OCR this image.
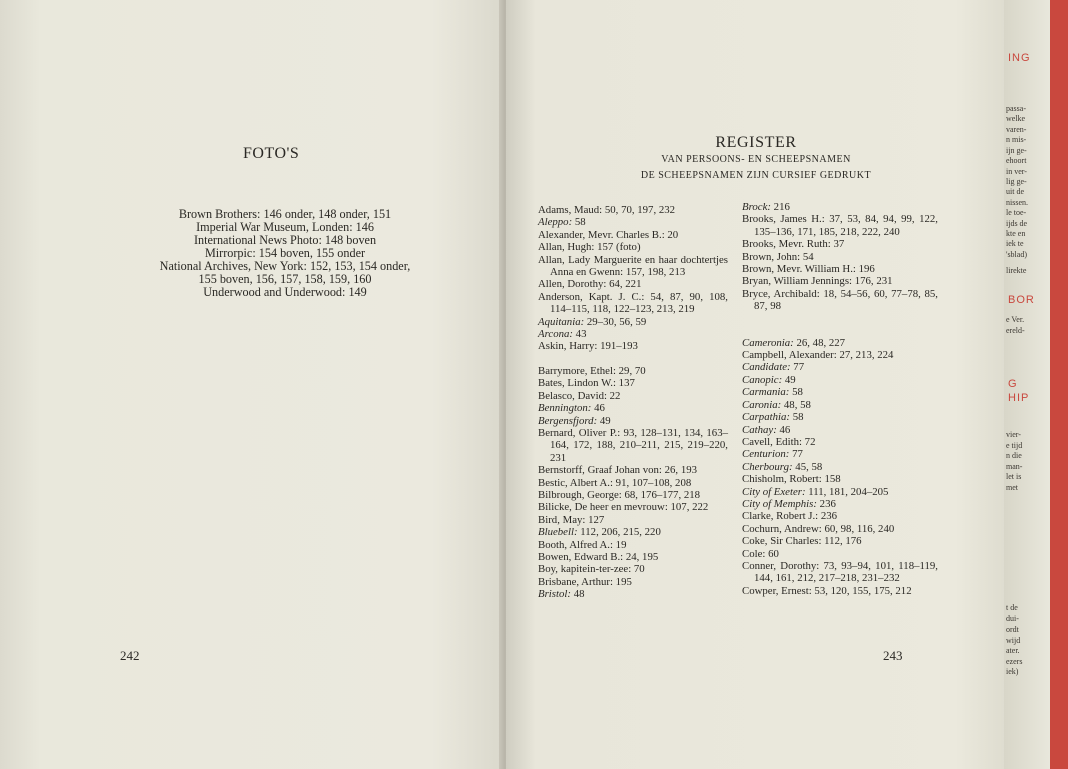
FOTO'S
Brown Brothers: 146 onder, 148 onder, 151
Imperial War Museum, Londen: 146
International News Photo: 148 boven
Mirrorpic: 154 boven, 155 onder
National Archives, New York: 152, 153, 154 onder,
155 boven, 156, 157, 158, 159, 160
Underwood and Underwood: 149
242
REGISTER
VAN PERSOONS- EN SCHEEPSNAMEN
DE SCHEEPSNAMEN ZIJN CURSIEF GEDRUKT
Adams, Maud: 50, 70, 197, 232
Aleppo: 58
Alexander, Mevr. Charles B.: 20
Allan, Hugh: 157 (foto)
Allan, Lady Marguerite en haar dochtertjes Anna en Gwenn: 157, 198, 213
Allen, Dorothy: 64, 221
Anderson, Kapt. J. C.: 54, 87, 90, 108, 114–115, 118, 122–123, 213, 219
Aquitania: 29–30, 56, 59
Arcona: 43
Askin, Harry: 191–193
Barrymore, Ethel: 29, 70
Bates, Lindon W.: 137
Belasco, David: 22
Bennington: 46
Bergensfjord: 49
Bernard, Oliver P.: 93, 128–131, 134, 163–164, 172, 188, 210–211, 215, 219–220, 231
Bernstorff, Graaf Johan von: 26, 193
Bestic, Albert A.: 91, 107–108, 208
Bilbrough, George: 68, 176–177, 218
Bilicke, De heer en mevrouw: 107, 222
Bird, May: 127
Bluebell: 112, 206, 215, 220
Booth, Alfred A.: 19
Bowen, Edward B.: 24, 195
Boy, kapitein-ter-zee: 70
Brisbane, Arthur: 195
Bristol: 48
Brock: 216
Brooks, James H.: 37, 53, 84, 94, 99, 122, 135–136, 171, 185, 218, 222, 240
Brooks, Mevr. Ruth: 37
Brown, John: 54
Brown, Mevr. William H.: 196
Bryan, William Jennings: 176, 231
Bryce, Archibald: 18, 54–56, 60, 77–78, 85, 87, 98
Cameronia: 26, 48, 227
Campbell, Alexander: 27, 213, 224
Candidate: 77
Canopic: 49
Carmania: 58
Caronia: 48, 58
Carpathia: 58
Cathay: 46
Cavell, Edith: 72
Centurion: 77
Cherbourg: 45, 58
Chisholm, Robert: 158
City of Exeter: 111, 181, 204–205
City of Memphis: 236
Clarke, Robert J.: 236
Cochurn, Andrew: 60, 98, 116, 240
Coke, Sir Charles: 112, 176
Cole: 60
Conner, Dorothy: 73, 93–94, 101, 118–119, 144, 161, 212, 217–218, 231–232
Cowper, Ernest: 53, 120, 155, 175, 212
243
ING
BOR
G
HIP
passa-
welke
varen-
n mis-
ijn ge-
ehoort
in ver-
lig ge-
uit de
nissen.
le toe-
ijds de
kte en
iek te
'sblad)
lirekte
e Ver.
ereld-
vier-
e tijd
n die
man-
let is
met
t de
dui-
ordt
wijd
ater.
ezers
iek)
